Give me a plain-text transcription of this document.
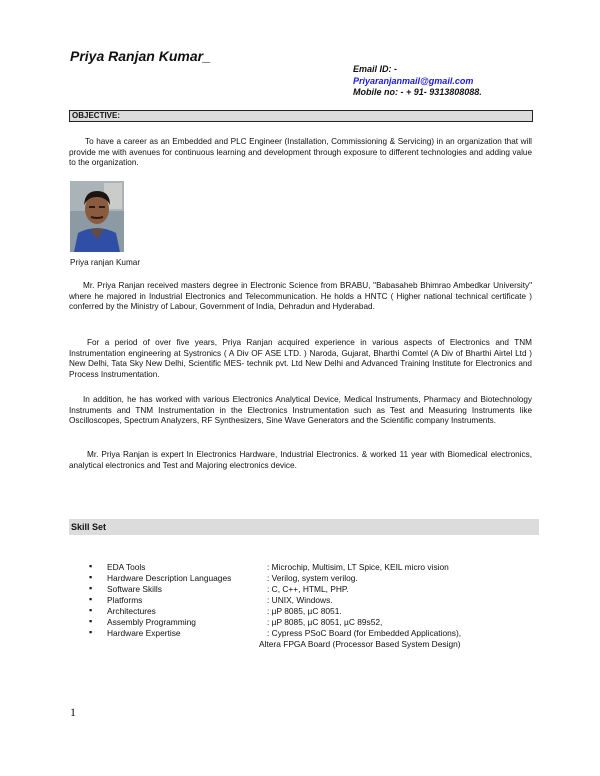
Priya Ranjan Kumar_
Email ID: -
Priyaranjanmail@gmail.com
Mobile no: - + 91- 9313808088.
OBJECTIVE:
To have a career as an Embedded and PLC Engineer (Installation, Commissioning & Servicing) in an organization that will provide me with avenues for continuous learning and development through exposure to different technologies and adding value to the organization.
Priya ranjan Kumar
Mr. Priya Ranjan received masters degree in Electronic Science from BRABU, "Babasaheb Bhimrao Ambedkar University" where he majored in Industrial Electronics and Telecommunication. He holds a HNTC ( Higher national technical certificate ) conferred by the Ministry of Labour, Government of India, Dehradun and Hyderabad.
For a period of over five years, Priya Ranjan acquired experience in various aspects of Electronics and TNM Instrumentation engineering at Systronics ( A Div OF ASE LTD. ) Naroda, Gujarat, Bharthi Comtel (A Div of Bharthi Airtel Ltd ) New Delhi, Tata Sky New Delhi, Scientific MES- technik pvt. Ltd New Delhi and Advanced Training Institute for Electronics and Process Instrumentation.
In addition, he has worked with various Electronics Analytical Device, Medical Instruments, Pharmacy and Biotechnology Instruments and TNM Instrumentation in the Electronics Instrumentation such as Test and Measuring Instruments like Oscilloscopes, Spectrum Analyzers, RF Synthesizers, Sine Wave Generators and the Scientific company Instruments.
Mr. Priya Ranjan is expert In Electronics Hardware, Industrial Electronics. & worked 11 year with Biomedical electronics, analytical electronics and Test and Majoring electronics device.
Skill Set
▪ EDA Tools	: Microchip, Multisim, LT Spice, KEIL micro vision
▪ Hardware Description Languages	: Verilog, system verilog.
▪ Software Skills	: C, C++, HTML, PHP.
▪ Platforms	: UNIX, Windows.
▪ Architectures	: µP 8085, µC 8051.
▪ Assembly Programming	: µP 8085, µC 8051, µC 89s52,
▪ Hardware Expertise	: Cypress PSoC Board (for Embedded Applications),
Altera FPGA Board (Processor Based System Design)
1
